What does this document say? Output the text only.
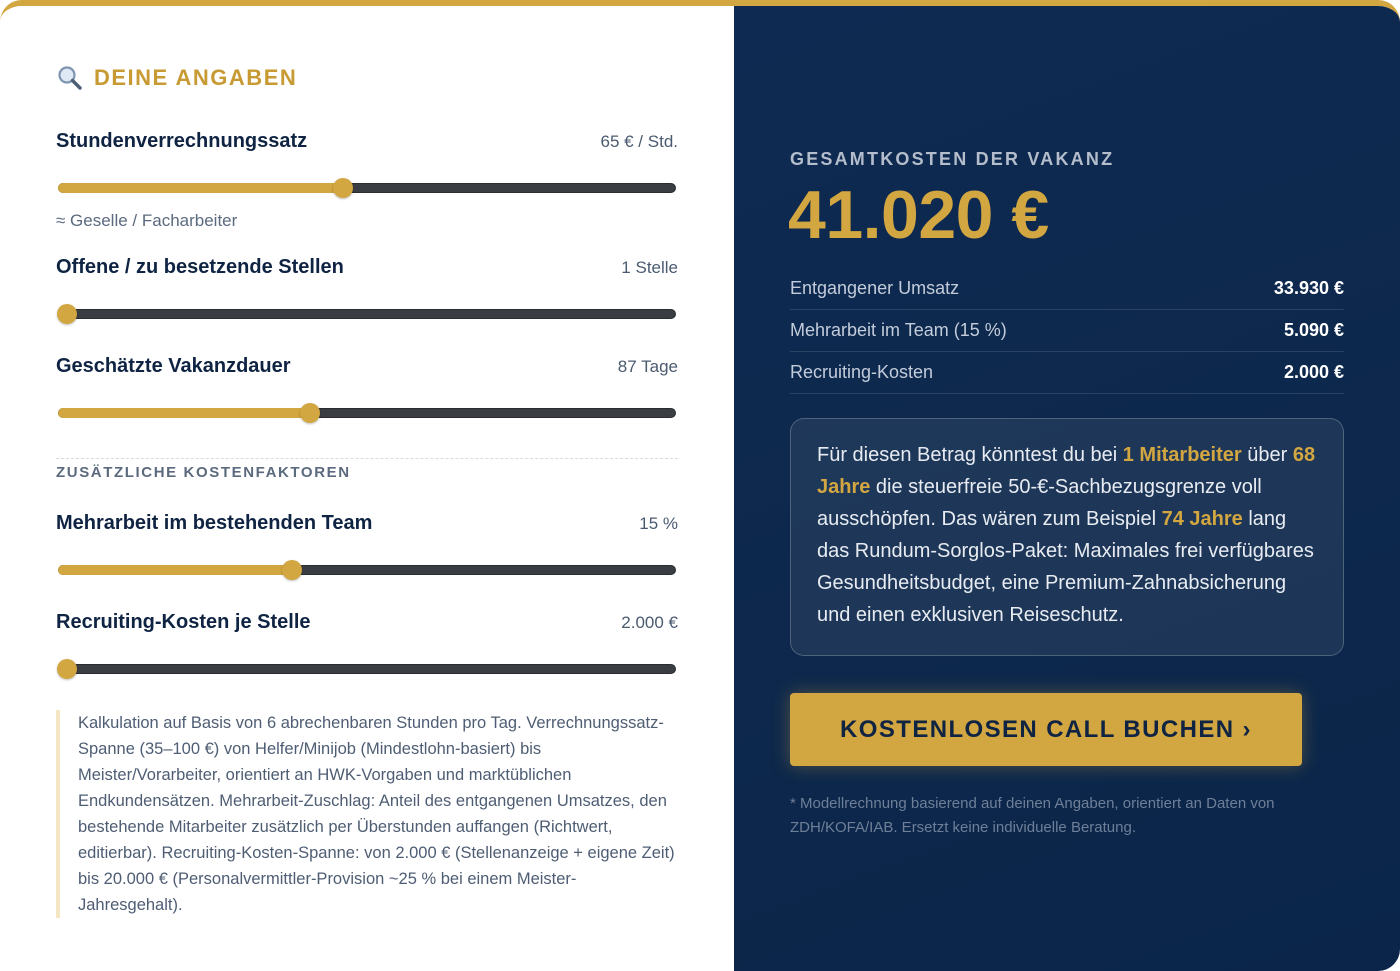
DEINE ANGABEN
Stundenverrechnungssatz	65 € / Std.
≈ Geselle / Facharbeiter
Offene / zu besetzende Stellen	1 Stelle
Geschätzte Vakanzdauer	87 Tage
ZUSÄTZLICHE KOSTENFAKTOREN
Mehrarbeit im bestehenden Team	15 %
Recruiting-Kosten je Stelle	2.000 €
Kalkulation auf Basis von 6 abrechenbaren Stunden pro Tag. Verrechnungssatz-Spanne (35–100 €) von Helfer/Minijob (Mindestlohn-basiert) bis Meister/Vorarbeiter, orientiert an HWK-Vorgaben und marktüblichen Endkundensätzen. Mehrarbeit-Zuschlag: Anteil des entgangenen Umsatzes, den bestehende Mitarbeiter zusätzlich per Überstunden auffangen (Richtwert, editierbar). Recruiting-Kosten-Spanne: von 2.000 € (Stellenanzeige + eigene Zeit) bis 20.000 € (Personalvermittler-Provision ~25 % bei einem Meister-Jahresgehalt).
GESAMTKOSTEN DER VAKANZ
41.020 €
Entgangener Umsatz	33.930 €
Mehrarbeit im Team (15 %)	5.090 €
Recruiting-Kosten	2.000 €
Für diesen Betrag könntest du bei 1 Mitarbeiter über 68 Jahre die steuerfreie 50-€-Sachbezugsgrenze voll ausschöpfen. Das wären zum Beispiel 74 Jahre lang das Rundum-Sorglos-Paket: Maximales frei verfügbares Gesundheitsbudget, eine Premium-Zahnabsicherung und einen exklusiven Reiseschutz.
KOSTENLOSEN CALL BUCHEN ›
* Modellrechnung basierend auf deinen Angaben, orientiert an Daten von ZDH/KOFA/IAB. Ersetzt keine individuelle Beratung.
